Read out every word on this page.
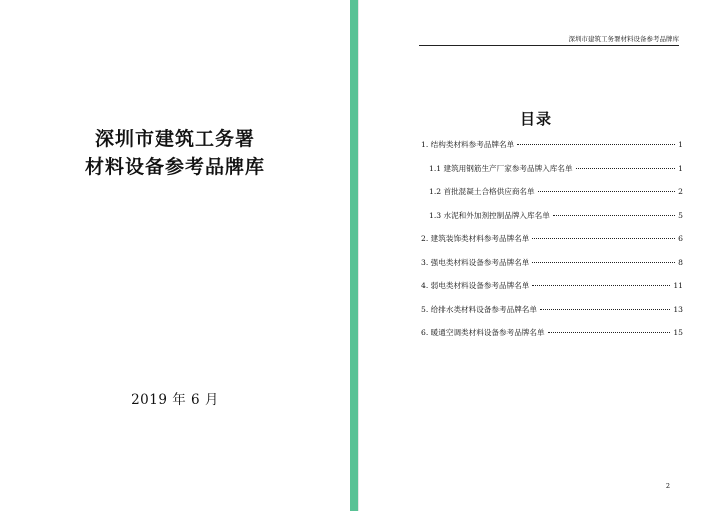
深圳市建筑工务署
材料设备参考品牌库
2019 年 6 月
深圳市建筑工务署材料设备参考品牌库
目录
1. 结构类材料参考品牌名单	1
1.1 建筑用钢筋生产厂家参考品牌入库名单	1
1.2 首批混凝土合格供应商名单	2
1.3 水泥和外加剂控制品牌入库名单	5
2. 建筑装饰类材料参考品牌名单	6
3. 强电类材料设备参考品牌名单	8
4. 弱电类材料设备参考品牌名单	11
5. 给排水类材料设备参考品牌名单	13
6. 暖通空调类材料设备参考品牌名单	15
2
